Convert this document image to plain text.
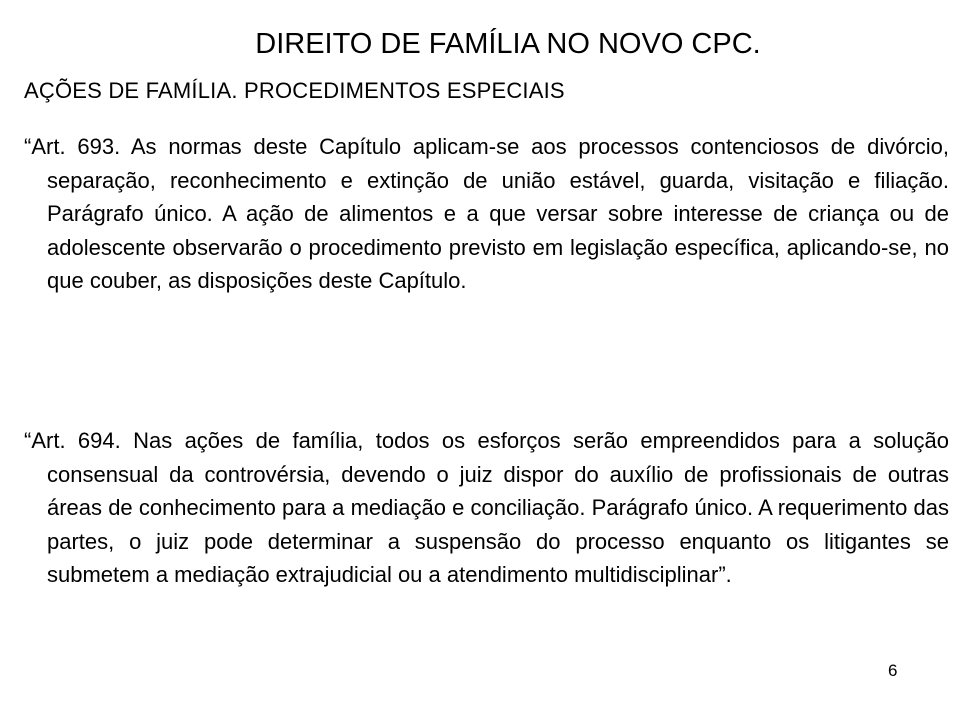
DIREITO DE FAMÍLIA NO NOVO CPC.

AÇÕES DE FAMÍLIA. PROCEDIMENTOS ESPECIAIS

“Art. 693. As normas deste Capítulo aplicam-se aos processos contenciosos de divórcio, separação, reconhecimento e extinção de união estável, guarda, visitação e filiação. Parágrafo único. A ação de alimentos e a que versar sobre interesse de criança ou de adolescente observarão o procedimento previsto em legislação específica, aplicando-se, no que couber, as disposições deste Capítulo.

“Art. 694. Nas ações de família, todos os esforços serão empreendidos para a solução consensual da controvérsia, devendo o juiz dispor do auxílio de profissionais de outras áreas de conhecimento para a mediação e conciliação. Parágrafo único. A requerimento das partes, o juiz pode determinar a suspensão do processo enquanto os litigantes se submetem a mediação extrajudicial ou a atendimento multidisciplinar”.

6
